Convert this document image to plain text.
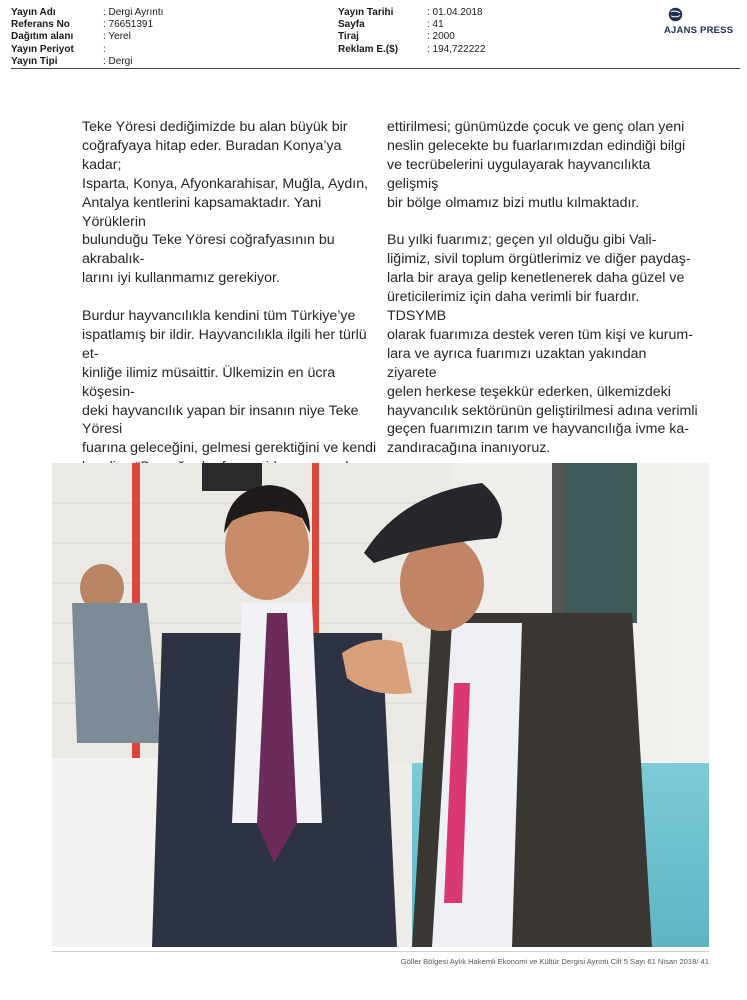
Yayın Adı	: Dergi Ayrıntı
Referans No	: 76651391
Dağıtım alanı	: Yerel
Yayın Periyot	:
Yayın Tipi	: Dergi
Yayın Tarihi	: 01.04.2018
Sayfa	: 41
Tiraj	: 2000
Reklam E.($)	: 194,722222
AJANS PRESS

Teke Yöresi dediğimizde bu alan büyük bir
coğrafyaya hitap eder. Buradan Konya’ya kadar;
Isparta, Konya, Afyonkarahisar, Muğla, Aydın,
Antalya kentlerini kapsamaktadır. Yani Yörüklerin
bulunduğu Teke Yöresi coğrafyasının bu akrabalık-
larını iyi kullanmamız gerekiyor.

Burdur hayvancılıkla kendini tüm Türkiye’ye
ispatlamış bir ildir. Hayvancılıkla ilgili her türlü et-
kinliğe ilimiz müsaittir. Ülkemizin en ücra köşesin-
deki hayvancılık yapan bir insanın niye Teke Yöresi
fuarına geleceğini, gelmesi gerektiğini ve kendi

ettirilmesi; günümüzde çocuk ve genç olan yeni
neslin gelecekte bu fuarlarımızdan edindiği bilgi
ve tecrübelerini uygulayarak hayvancılıkta gelişmiş
bir bölge olmamız bizi mutlu kılmaktadır.

Bu yılki fuarımız; geçen yıl olduğu gibi Vali-
liğimiz, sivil toplum örgütlerimiz ve diğer paydaş-
larla bir araya gelip kenetlenerek daha güzel ve
üreticilerimiz için daha verimli bir fuardır. TDSYMB
olarak fuarımıza destek veren tüm kişi ve kurum-
lara ve ayrıca fuarımızı uzaktan yakından ziyarete
gelen herkese teşekkür ederken, ülkemizdeki
hayvancılık sektörünün geliştirilmesi adına verimli
geçen fuarımızın tarım ve hayvancılığa ivme ka-
zandıracağına inanıyoruz.

Göller Bölgesi Aylık Hakemli Ekonomi ve Kültür Dergisi Ayrıntı Cilt 5 Sayı 61 Nisan 2018/ 41
